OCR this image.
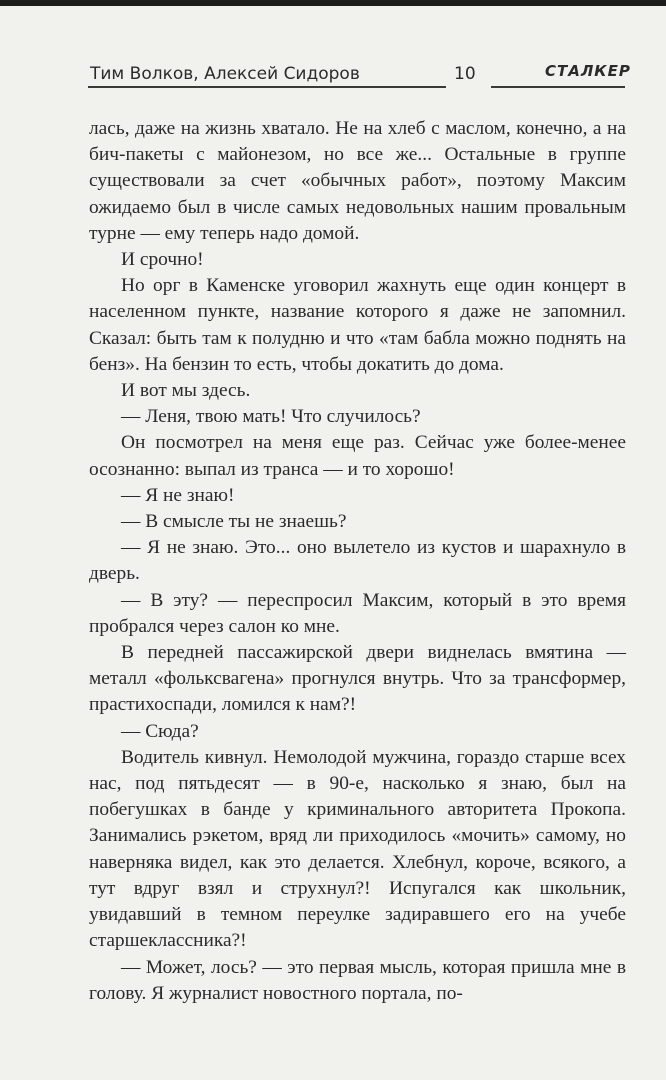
Тим Волков, Алексей Сидоров	10	СТАЛКЕР

лась, даже на жизнь хватало. Не на хлеб с маслом, конечно, а на бич-пакеты с майонезом, но все же... Остальные в группе существовали за счет «обычных работ», поэтому Максим ожидаемо был в числе самых недовольных нашим провальным турне — ему теперь надо домой.

И срочно!

Но орг в Каменске уговорил жахнуть еще один концерт в населенном пункте, название которого я даже не запомнил. Сказал: быть там к полудню и что «там бабла можно поднять на бенз». На бензин то есть, чтобы докатить до дома.

И вот мы здесь.

— Леня, твою мать! Что случилось?

Он посмотрел на меня еще раз. Сейчас уже более-менее осознанно: выпал из транса — и то хорошо!

— Я не знаю!

— В смысле ты не знаешь?

— Я не знаю. Это... оно вылетело из кустов и шарахнуло в дверь.

— В эту? — переспросил Максим, который в это время пробрался через салон ко мне.

В передней пассажирской двери виднелась вмятина — металл «фольксвагена» прогнулся внутрь. Что за трансформер, прастихоспади, ломился к нам?!

— Сюда?

Водитель кивнул. Немолодой мужчина, гораздо старше всех нас, под пятьдесят — в 90-е, насколько я знаю, был на побегушках в банде у криминального авторитета Прокопа. Занимались рэкетом, вряд ли приходилось «мочить» самому, но наверняка видел, как это делается. Хлебнул, короче, всякого, а тут вдруг взял и струхнул?! Испугался как школьник, увидавший в темном переулке задиравшего его на учебе старшеклассника?!

— Может, лось? — это первая мысль, которая пришла мне в голову. Я журналист новостного портала, по-
